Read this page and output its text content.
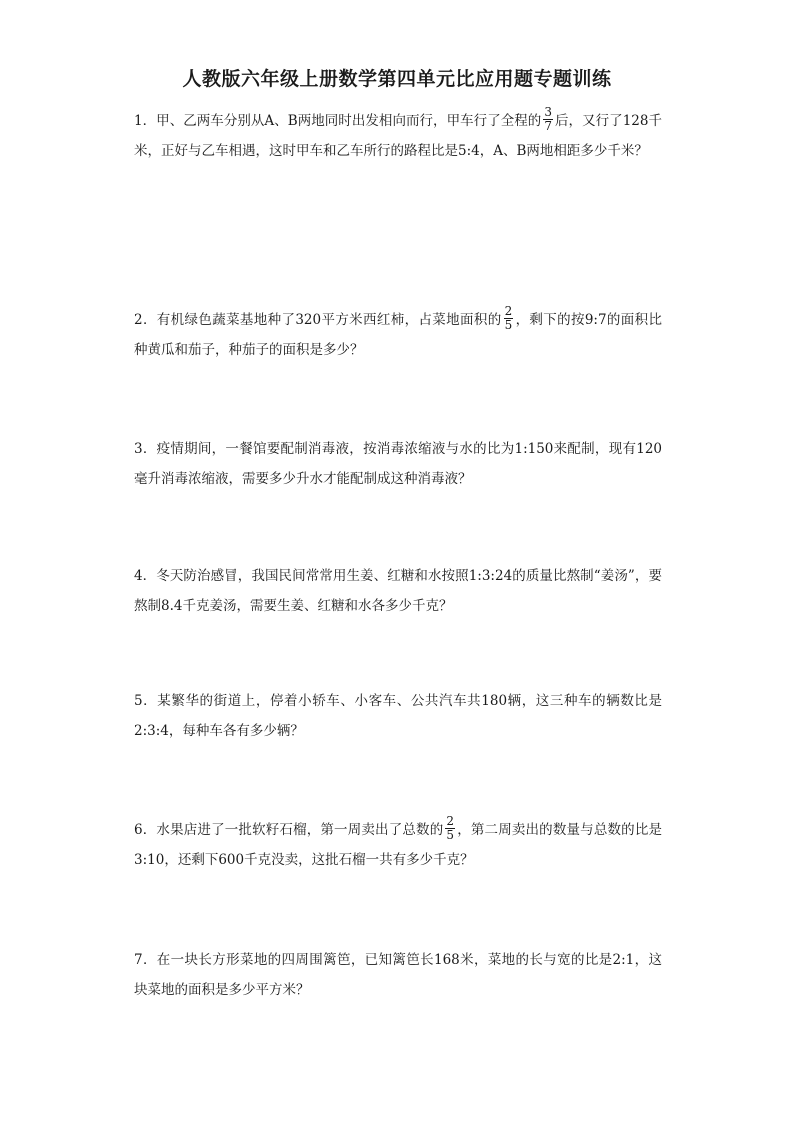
人教版六年级上册数学第四单元比应用题专题训练
1．甲、乙两车分别从A、B两地同时出发相向而行，甲车行了全程的 $\frac{3}{7}$ 后，又行了128千米，正好与乙车相遇，这时甲车和乙车所行的路程比是5:4，A、B两地相距多少千米？
2．有机绿色蔬菜基地种了320平方米西红柿，占菜地面积的 $\frac{2}{5}$ ，剩下的按9:7的面积比种黄瓜和茄子，种茄子的面积是多少？
3．疫情期间，一餐馆要配制消毒液，按消毒浓缩液与水的比为1:150来配制，现有120毫升消毒浓缩液，需要多少升水才能配制成这种消毒液？
4．冬天防治感冒，我国民间常常用生姜、红糖和水按照1:3:24的质量比熬制“姜汤”，要熬制8.4千克姜汤，需要生姜、红糖和水各多少千克？
5．某繁华的街道上，停着小轿车、小客车、公共汽车共180辆，这三种车的辆数比是2:3:4，每种车各有多少辆？
6．水果店进了一批软籽石榴，第一周卖出了总数的 $\frac{2}{5}$ ，第二周卖出的数量与总数的比是3:10，还剩下600千克没卖，这批石榴一共有多少千克？
7．在一块长方形菜地的四周围篱笆，已知篱笆长168米，菜地的长与宽的比是2:1，这块菜地的面积是多少平方米？
